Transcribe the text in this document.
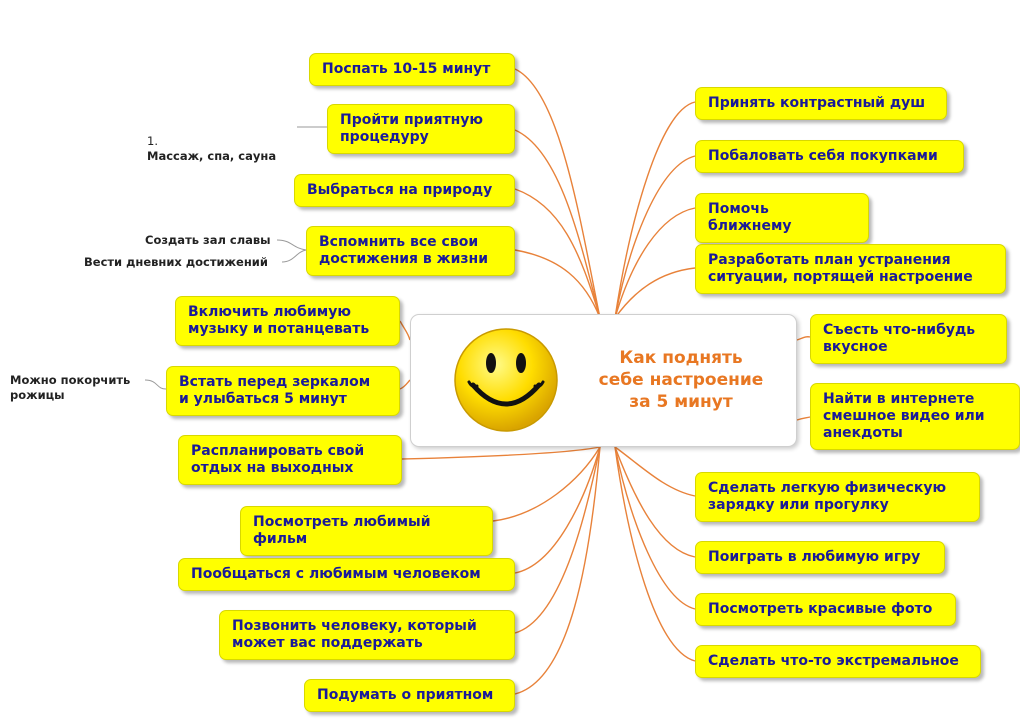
Как поднять
себе настроение
за 5 минут
Поспать 10-15 минут
Пройти приятную
процедуру
Выбраться на природу
Вспомнить все свои
достижения в жизни
Включить любимую
музыку и потанцевать
Встать перед зеркалом
и улыбаться 5 минут
Распланировать свой
отдых на выходных
Посмотреть любимый фильм
Пообщаться с любимым человеком
Позвонить человеку, который
может вас поддержать
Подумать о приятном
Принять контрастный душ
Побаловать себя покупками
Помочь ближнему
Разработать план устранения
ситуации, портящей настроение
Съесть что-нибудь
вкусное
Найти в интернете
смешное видео или
анекдоты
Сделать легкую физическую
зарядку или прогулку
Поиграть в любимую игру
Посмотреть красивые фото
Сделать что-то экстремальное

1.
Массаж, спа, сауна

Создать зал славы
Вести дневних достижений
Можно покорчить
рожицы
